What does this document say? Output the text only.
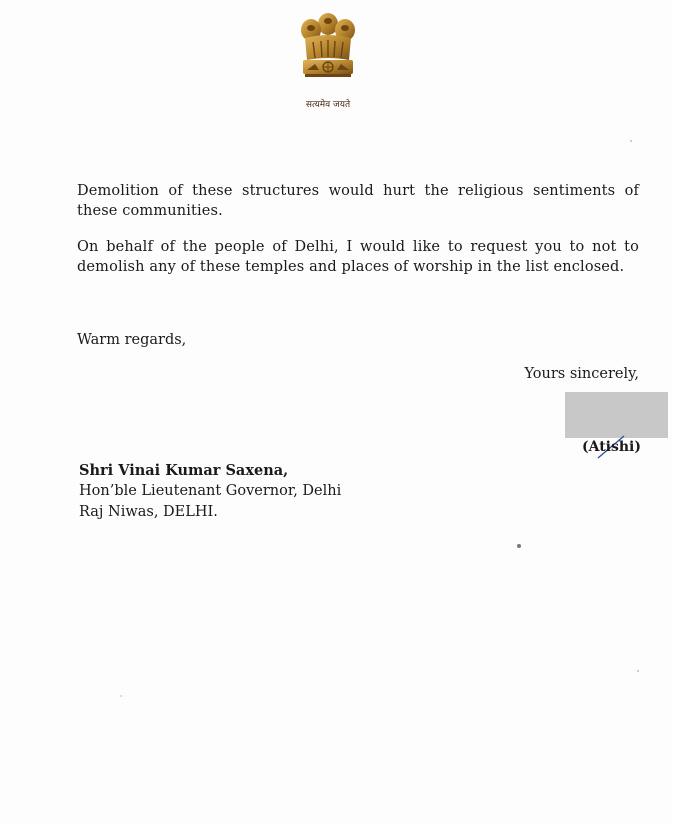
सत्यमेव जयते

Demolition of these structures would hurt the religious sentiments of these communities.

On behalf of the people of Delhi, I would like to request you to not to demolish any of these temples and places of worship in the list enclosed.

Warm regards,
Yours sincerely,
(Atishi)
Shri Vinai Kumar Saxena,
Hon’ble Lieutenant Governor, Delhi
Raj Niwas, DELHI.
